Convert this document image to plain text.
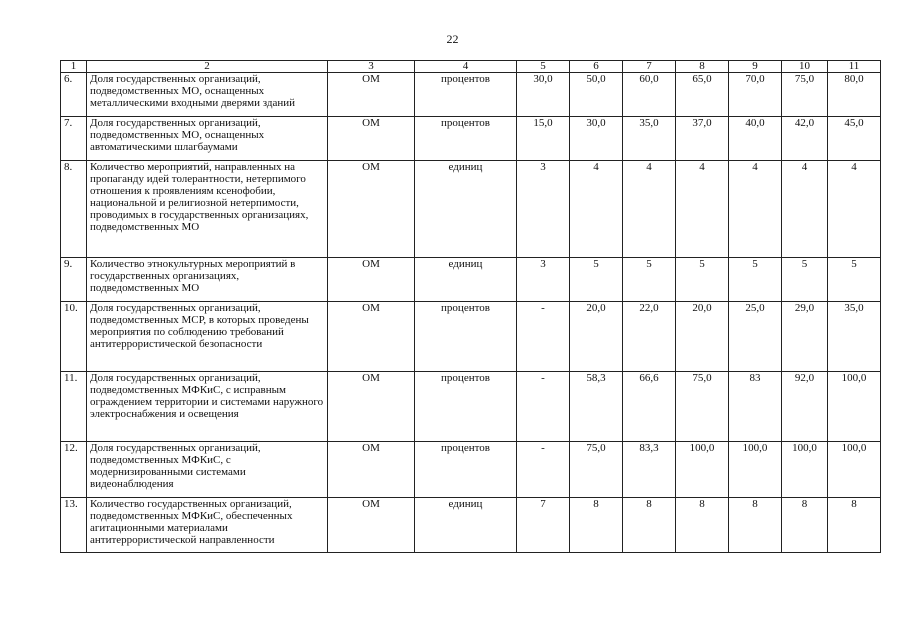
22
1	2	3	4	5	6	7	8	9	10	11
6.	Доля государственных организаций, подведомственных МО, оснащенных металлическими входными дверями зданий	ОМ	процентов	30,0	50,0	60,0	65,0	70,0	75,0	80,0
7.	Доля государственных организаций, подведомственных МО, оснащенных автоматическими шлагбаумами	ОМ	процентов	15,0	30,0	35,0	37,0	40,0	42,0	45,0
8.	Количество мероприятий, направленных на пропаганду идей толерантности, нетерпимого отношения к проявлениям ксенофобии, национальной и религиозной нетерпимости, проводимых в государственных организациях, подведомственных МО	ОМ	единиц	3	4	4	4	4	4	4
9.	Количество этнокультурных мероприятий в государственных организациях, подведомственных МО	ОМ	единиц	3	5	5	5	5	5	5
10.	Доля государственных организаций, подведомственных МСР, в которых проведены мероприятия по соблюдению требований антитеррористической безопасности	ОМ	процентов	-	20,0	22,0	20,0	25,0	29,0	35,0
11.	Доля государственных организаций, подведомственных МФКиС, с исправным ограждением территории и системами наружного электроснабжения и освещения	ОМ	процентов	-	58,3	66,6	75,0	83	92,0	100,0
12.	Доля государственных организаций, подведомственных МФКиС, с модернизированными системами видеонаблюдения	ОМ	процентов	-	75,0	83,3	100,0	100,0	100,0	100,0
13.	Количество государственных организаций, подведомственных МФКиС, обеспеченных агитационными материалами антитеррористической направленности	ОМ	единиц	7	8	8	8	8	8	8
